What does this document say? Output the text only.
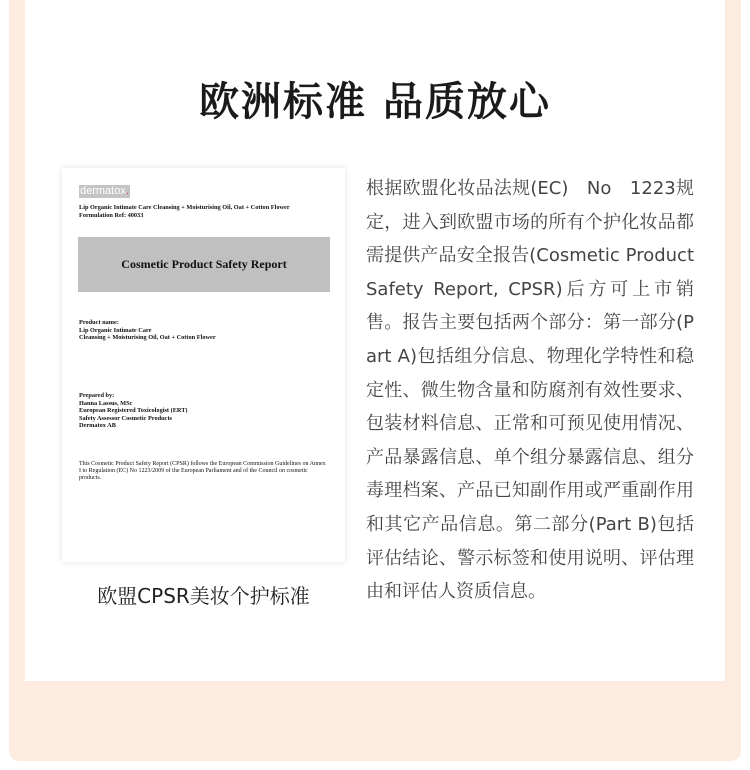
欧洲标准 品质放心
dermatox.
Lip Organic Intimate Care Cleansing + Moisturising Oil, Oat + Cotton Flower
Formulation Ref: 40033
Cosmetic Product Safety Report
Product name:
Lip Organic Intimate Care
Cleansing + Moisturising Oil, Oat + Cotton Flower
Prepared by:
Hanna Lassus, MSc
European Registered Toxicologist (ERT)
Safety Assessor Cosmetic Products
Dermatox AB
This Cosmetic Product Safety Report (CPSR) follows the European Commission Guidelines on Annex I to Regulation (EC) No 1223/2009 of the European Parliament and of the Council on cosmetic products.
欧盟CPSR美妆个护标准
根据欧盟化妆品法规(EC)　No　1223规定，进入到欧盟市场的所有个护化妆品都需提供产品安全报告(Cosmetic Product Safety Report, CPSR)后方可上市销售。报告主要包括两个部分：第一部分(Part A)包括组分信息、物理化学特性和稳定性、微生物含量和防腐剂有效性要求、包装材料信息、正常和可预见使用情况、产品暴露信息、单个组分暴露信息、组分毒理档案、产品已知副作用或严重副作用和其它产品信息。第二部分(Part B)包括评估结论、警示标签和使用说明、评估理由和评估人资质信息。
